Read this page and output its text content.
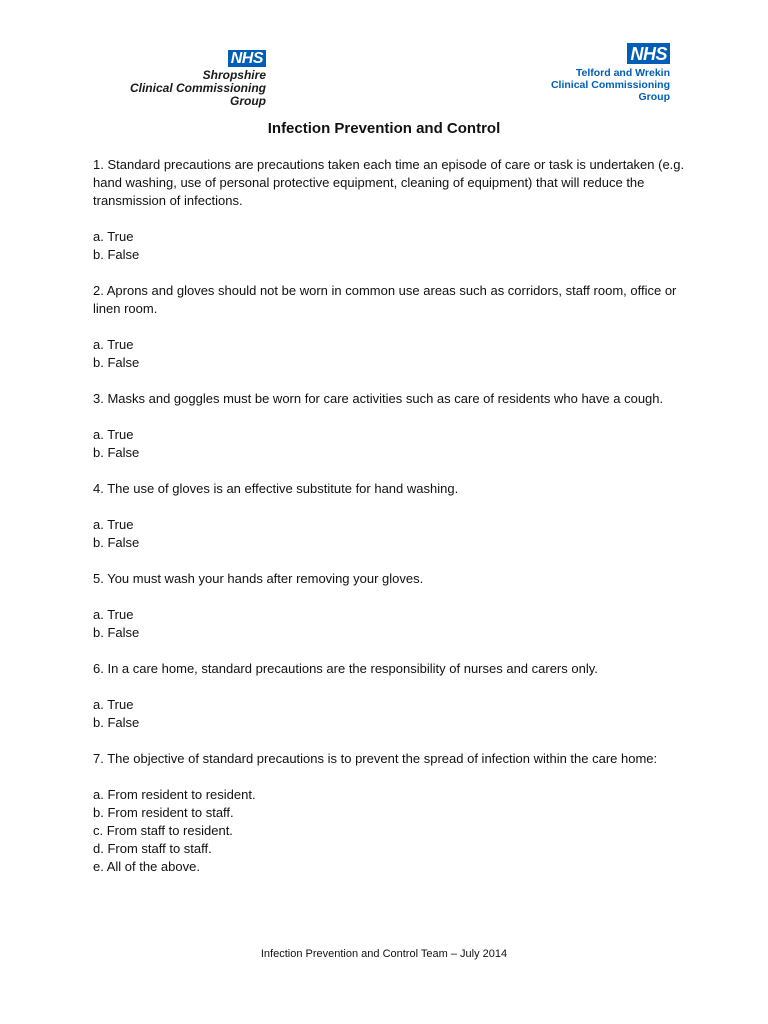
NHS
Shropshire
Clinical Commissioning Group
NHS
Telford and Wrekin
Clinical Commissioning Group
Infection Prevention and Control

1. Standard precautions are precautions taken each time an episode of care or task is undertaken (e.g. hand washing, use of personal protective equipment, cleaning of equipment) that will reduce the transmission of infections.

a. True

b. False

2. Aprons and gloves should not be worn in common use areas such as corridors, staff room, office or linen room.

a. True

b. False

3. Masks and goggles must be worn for care activities such as care of residents who have a cough.

a. True

b. False

4. The use of gloves is an effective substitute for hand washing.

a. True

b. False

5. You must wash your hands after removing your gloves.

a. True

b. False

6. In a care home, standard precautions are the responsibility of nurses and carers only.

a. True

b. False

7. The objective of standard precautions is to prevent the spread of infection within the care home:

a. From resident to resident.

b. From resident to staff.

c. From staff to resident.

d. From staff to staff.

e. All of the above.

Infection Prevention and Control Team – July 2014
